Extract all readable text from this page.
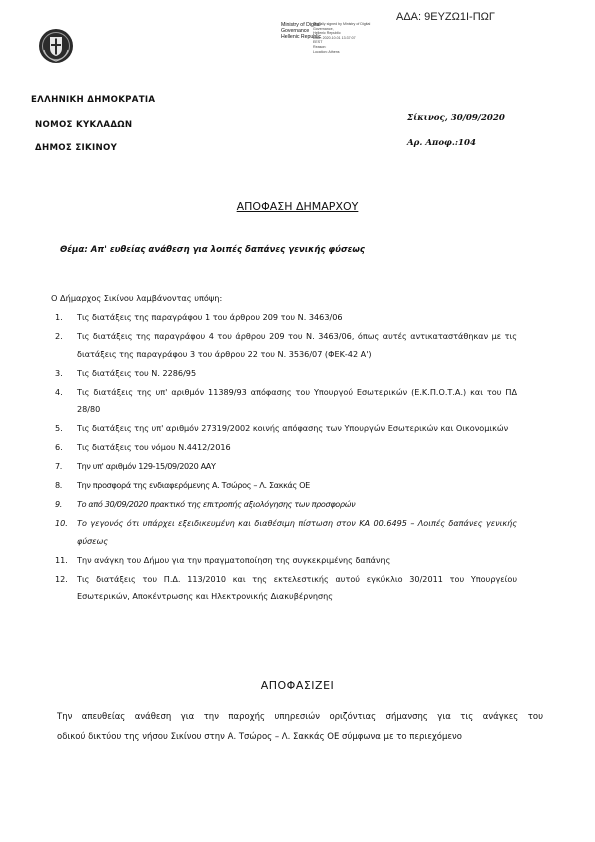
ΑΔΑ: 9ΕΥΖΩ1Ι-ΠΩΓ
Ministry of Digital
Governance
Hellenic Republic
Digitally signed by Ministry of Digital
Governance,
Hellenic Republic
Date: 2020.10.01 13:37:07
EEST
Reason:
Location: Athens
ΕΛΛΗΝΙΚΗ ΔΗΜΟΚΡΑΤΙΑ
ΝΟΜΟΣ ΚΥΚΛΑΔΩΝ
ΔΗΜΟΣ ΣΙΚΙΝΟΥ
Σίκινος, 30/09/2020
Αρ. Αποφ.:104
ΑΠΟΦΑΣΗ ΔΗΜΑΡΧΟΥ
Θέμα: Απ' ευθείας ανάθεση για λοιπές δαπάνες γενικής φύσεως
Ο Δήμαρχος Σικίνου λαμβάνοντας υπόψη:
1. Τις διατάξεις της παραγράφου 1 του άρθρου 209 του Ν. 3463/06
2. Τις διατάξεις της παραγράφου 4 του άρθρου 209 του Ν. 3463/06, όπως αυτές αντικαταστάθηκαν με τις διατάξεις της παραγράφου 3 του άρθρου 22 του Ν. 3536/07 (ΦΕΚ-42 Α')
3. Τις διατάξεις του Ν. 2286/95
4. Τις διατάξεις της υπ' αριθμόν 11389/93 απόφασης του Υπουργού Εσωτερικών (Ε.Κ.Π.Ο.Τ.Α.) και του ΠΔ 28/80
5. Τις διατάξεις της υπ' αριθμόν 27319/2002 κοινής απόφασης των Υπουργών Εσωτερικών και Οικονομικών
6. Τις διατάξεις του νόμου Ν.4412/2016
7. Την υπ' αριθμόν 129-15/09/2020 ΑΑΥ
8. Την προσφορά της ενδιαφερόμενης Α. Τσώρος – Λ. Σακκάς ΟΕ
9. Το από 30/09/2020 πρακτικό της επιτροπής αξιολόγησης των προσφορών
10. Το γεγονός ότι υπάρχει εξειδικευμένη και διαθέσιμη πίστωση στον ΚΑ 00.6495 – Λοιπές δαπάνες γενικής φύσεως
11. Την ανάγκη του Δήμου για την πραγματοποίηση της συγκεκριμένης δαπάνης
12. Τις διατάξεις του Π.Δ. 113/2010 και της εκτελεστικής αυτού εγκύκλιο 30/2011 του Υπουργείου Εσωτερικών, Αποκέντρωσης και Ηλεκτρονικής Διακυβέρνησης
ΑΠΟΦΑΣΙΖΕΙ
Την απευθείας ανάθεση για την παροχής υπηρεσιών οριζόντιας σήμανσης για τις ανάγκες του
οδικού δικτύου της νήσου Σικίνου στην Α. Τσώρος – Λ. Σακκάς ΟΕ σύμφωνα με το περιεχόμενο
